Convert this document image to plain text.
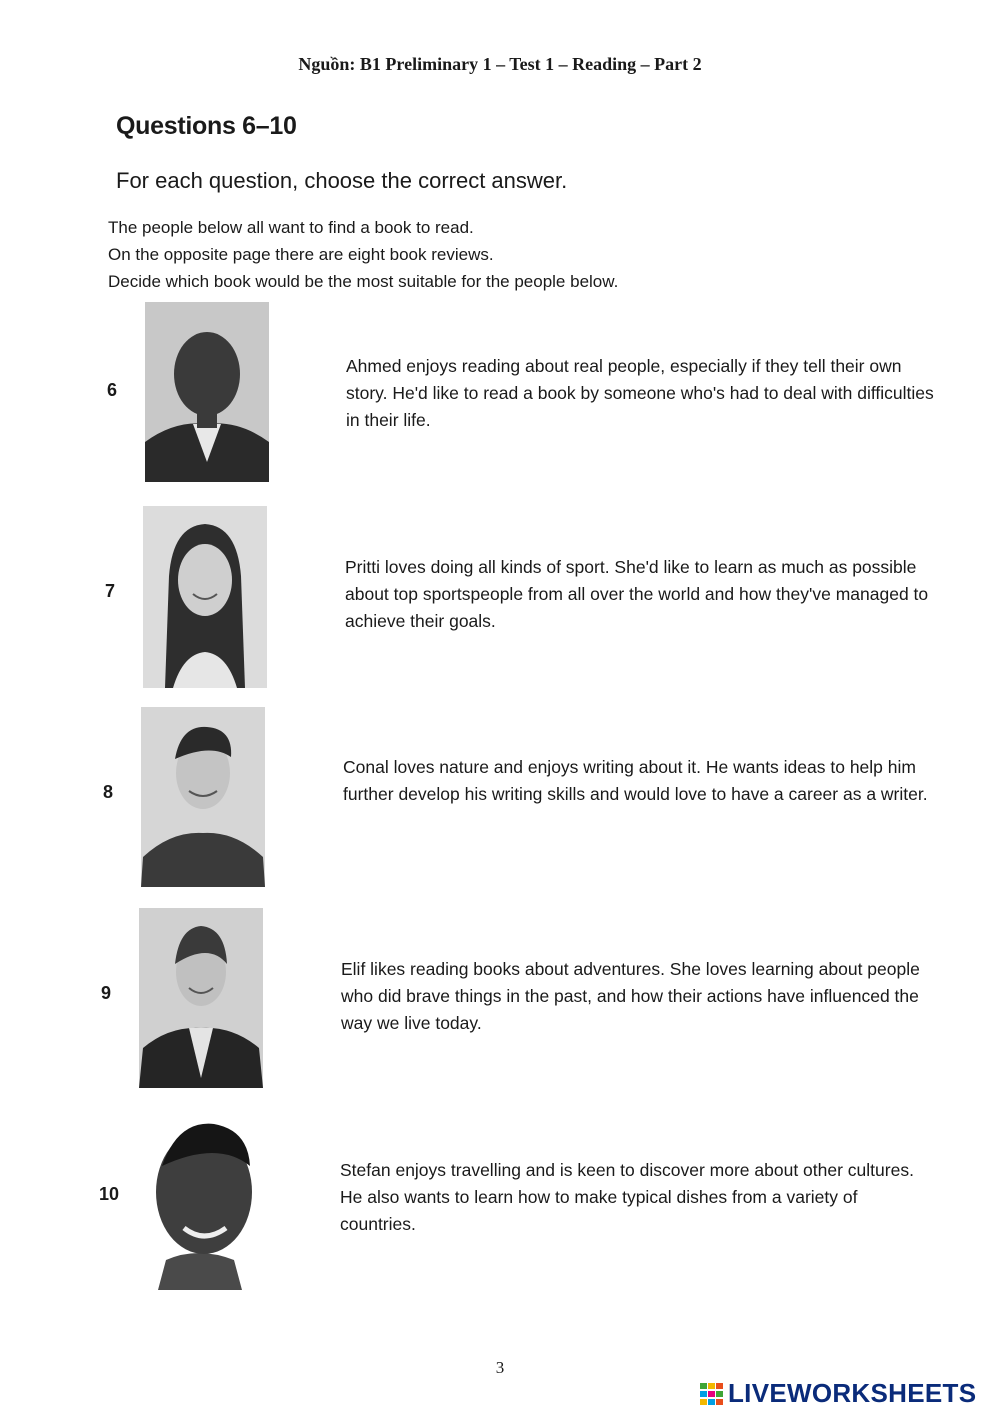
Nguồn: B1 Preliminary 1 – Test 1 – Reading – Part 2
Questions 6–10
For each question, choose the correct answer.
The people below all want to find a book to read.
On the opposite page there are eight book reviews.
Decide which book would be the most suitable for the people below.
6
Ahmed enjoys reading about real people, especially if they tell their own story. He'd like to read a book by someone who's had to deal with difficulties in their life.
7
Pritti loves doing all kinds of sport. She'd like to learn as much as possible about top sportspeople from all over the world and how they've managed to achieve their goals.
8
Conal loves nature and enjoys writing about it. He wants ideas to help him further develop his writing skills and would love to have a career as a writer.
9
Elif likes reading books about adventures. She loves learning about people who did brave things in the past, and how their actions have influenced the way we live today.
10
Stefan enjoys travelling and is keen to discover more about other cultures. He also wants to learn how to make typical dishes from a variety of countries.
3
LIVEWORKSHEETS
